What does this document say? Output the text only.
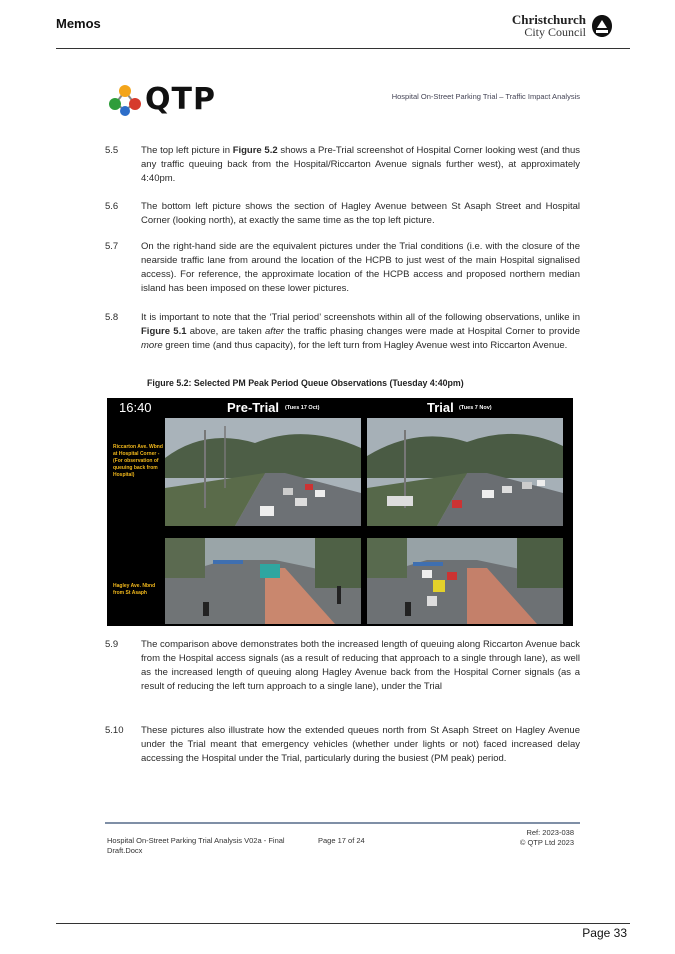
Memos	Christchurch
City Council
QTP	Hospital On-Street Parking Trial – Traffic Impact Analysis
5.5	The top left picture in Figure 5.2 shows a Pre-Trial screenshot of Hospital Corner looking west (and thus any traffic queuing back from the Hospital/Riccarton Avenue signals further west), at approximately 4:40pm.
5.6	The bottom left picture shows the section of Hagley Avenue between St Asaph Street and Hospital Corner (looking north), at exactly the same time as the top left picture.
5.7	On the right-hand side are the equivalent pictures under the Trial conditions (i.e. with the closure of the nearside traffic lane from around the location of the HCPB to just west of the main Hospital signalised access). For reference, the approximate location of the HCPB access and proposed northern median island has been imposed on these lower pictures.
5.8	It is important to note that the ‘Trial period’ screenshots within all of the following observations, unlike in Figure 5.1 above, are taken after the traffic phasing changes were made at Hospital Corner to provide more green time (and thus capacity), for the left turn from Hagley Avenue west into Riccarton Avenue.
Figure 5.2: Selected PM Peak Period Queue Observations (Tuesday 4:40pm)
16:40	Pre-Trial (Tues 17 Oct)	Trial (Tues 7 Nov)
Riccarton Ave. Wbnd at Hospital Corner - (For observation of queuing back from Hospital)
Hagley Ave. Nbnd from St Asaph
5.9	The comparison above demonstrates both the increased length of queuing along Riccarton Avenue back from the Hospital access signals (as a result of reducing that approach to a single through lane), as well as the increased length of queuing along Hagley Avenue back from the Hospital Corner signals (as a result of reducing the left turn approach to a single lane), under the Trial
5.10	These pictures also illustrate how the extended queues north from St Asaph Street on Hagley Avenue under the Trial meant that emergency vehicles (whether under lights or not) faced increased delay accessing the Hospital under the Trial, particularly during the busiest (PM peak) period.
Hospital On-Street Parking Trial Analysis V02a - Final Draft.Docx
Page 17 of 24
Ref: 2023-038
© QTP Ltd 2023
Page 33
